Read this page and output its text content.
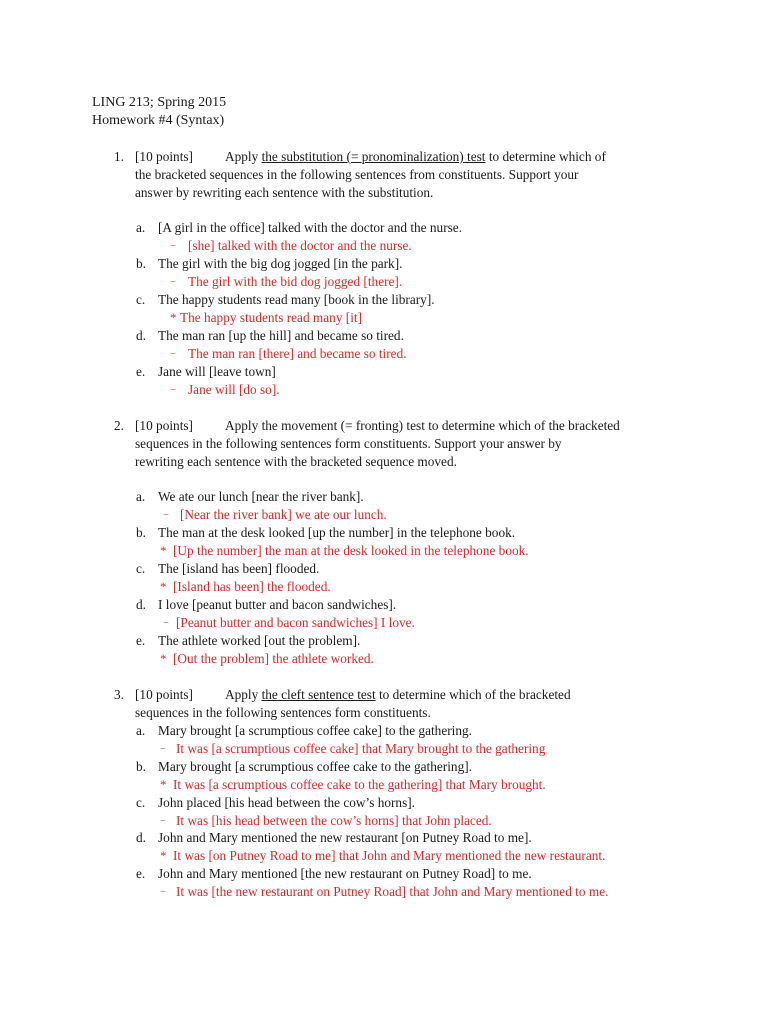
LING 213; Spring 2015
Homework #4 (Syntax)
1. [10 points] Apply the substitution (= pronominalization) test to determine which of
the bracketed sequences in the following sentences from constituents. Support your
answer by rewriting each sentence with the substitution.
a. [A girl in the office] talked with the doctor and the nurse.
⌣ [she] talked with the doctor and the nurse.
b. The girl with the big dog jogged [in the park].
⌣ The girl with the bid dog jogged [there].
c. The happy students read many [book in the library].
* The happy students read many [it]
d. The man ran [up the hill] and became so tired.
⌣ The man ran [there] and became so tired.
e. Jane will [leave town]
⌣ Jane will [do so].
2. [10 points] Apply the movement (= fronting) test to determine which of the bracketed
sequences in the following sentences form constituents. Support your answer by
rewriting each sentence with the bracketed sequence moved.
a. We ate our lunch [near the river bank].
⌣ [Near the river bank] we ate our lunch.
b. The man at the desk looked [up the number] in the telephone book.
* [Up the number] the man at the desk looked in the telephone book.
c. The [island has been] flooded.
* [Island has been] the flooded.
d. I love [peanut butter and bacon sandwiches].
⌣ [Peanut butter and bacon sandwiches] I love.
e. The athlete worked [out the problem].
* [Out the problem] the athlete worked.
3. [10 points] Apply the cleft sentence test to determine which of the bracketed
sequences in the following sentences form constituents.
a. Mary brought [a scrumptious coffee cake] to the gathering.
⌣ It was [a scrumptious coffee cake] that Mary brought to the gathering
b. Mary brought [a scrumptious coffee cake to the gathering].
* It was [a scrumptious coffee cake to the gathering] that Mary brought.
c. John placed [his head between the cow’s horns].
⌣ It was [his head between the cow’s horns] that John placed.
d. John and Mary mentioned the new restaurant [on Putney Road to me].
* It was [on Putney Road to me] that John and Mary mentioned the new restaurant.
e. John and Mary mentioned [the new restaurant on Putney Road] to me.
⌣ It was [the new restaurant on Putney Road] that John and Mary mentioned to me.
